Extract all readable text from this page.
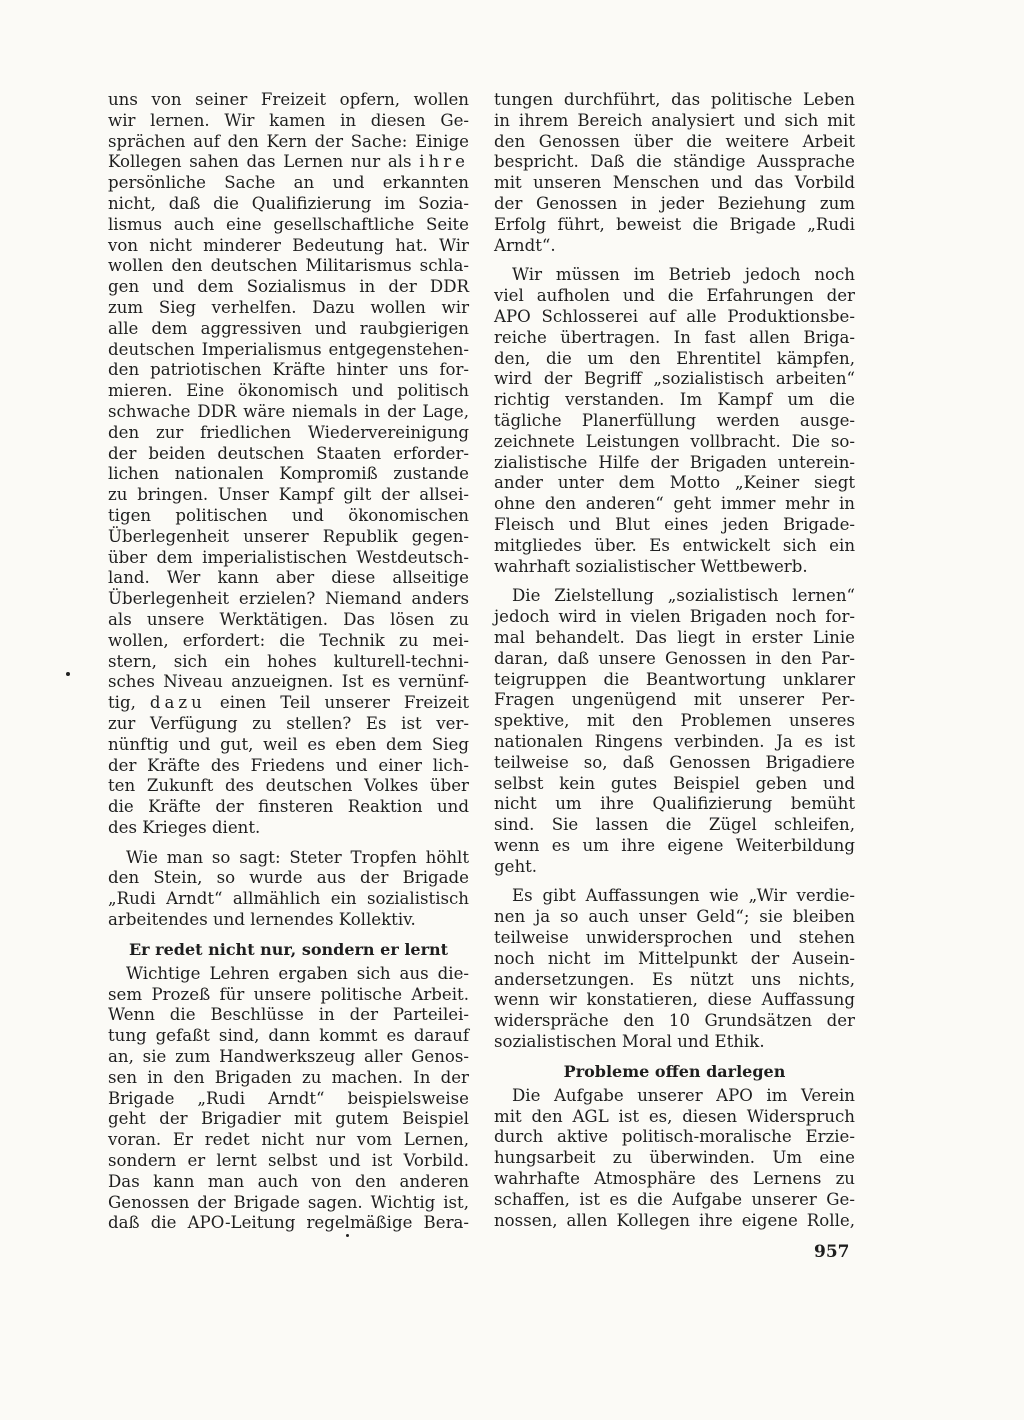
uns von seiner Freizeit opfern, wollen
wir lernen. Wir kamen in diesen Ge-
sprächen auf den Kern der Sache: Einige
Kollegen sahen das Lernen nur als ihre
persönliche Sache an und erkannten
nicht, daß die Qualifizierung im Sozia-
lismus auch eine gesellschaftliche Seite
von nicht minderer Bedeutung hat. Wir
wollen den deutschen Militarismus schla-
gen und dem Sozialismus in der DDR
zum Sieg verhelfen. Dazu wollen wir
alle dem aggressiven und raubgierigen
deutschen Imperialismus entgegenstehen-
den patriotischen Kräfte hinter uns for-
mieren. Eine ökonomisch und politisch
schwache DDR wäre niemals in der Lage,
den zur friedlichen Wiedervereinigung
der beiden deutschen Staaten erforder-
lichen nationalen Kompromiß zustande
zu bringen. Unser Kampf gilt der allsei-
tigen politischen und ökonomischen
Überlegenheit unserer Republik gegen-
über dem imperialistischen Westdeutsch-
land. Wer kann aber diese allseitige
Überlegenheit erzielen? Niemand anders
als unsere Werktätigen. Das lösen zu
wollen, erfordert: die Technik zu mei-
stern, sich ein hohes kulturell-techni-
sches Niveau anzueignen. Ist es vernünf-
tig, dazu einen Teil unserer Freizeit
zur Verfügung zu stellen? Es ist ver-
nünftig und gut, weil es eben dem Sieg
der Kräfte des Friedens und einer lich-
ten Zukunft des deutschen Volkes über
die Kräfte der finsteren Reaktion und
des Krieges dient.
Wie man so sagt: Steter Tropfen höhlt
den Stein, so wurde aus der Brigade
„Rudi Arndt“ allmählich ein sozialistisch
arbeitendes und lernendes Kollektiv.
Er redet nicht nur, sondern er lernt
Wichtige Lehren ergaben sich aus die-
sem Prozeß für unsere politische Arbeit.
Wenn die Beschlüsse in der Parteilei-
tung gefaßt sind, dann kommt es darauf
an, sie zum Handwerkszeug aller Genos-
sen in den Brigaden zu machen. In der
Brigade „Rudi Arndt“ beispielsweise
geht der Brigadier mit gutem Beispiel
voran. Er redet nicht nur vom Lernen,
sondern er lernt selbst und ist Vorbild.
Das kann man auch von den anderen
Genossen der Brigade sagen. Wichtig ist,
daß die APO-Leitung regelmäßige Bera-
tungen durchführt, das politische Leben
in ihrem Bereich analysiert und sich mit
den Genossen über die weitere Arbeit
bespricht. Daß die ständige Aussprache
mit unseren Menschen und das Vorbild
der Genossen in jeder Beziehung zum
Erfolg führt, beweist die Brigade „Rudi
Arndt“.
Wir müssen im Betrieb jedoch noch
viel aufholen und die Erfahrungen der
APO Schlosserei auf alle Produktionsbe-
reiche übertragen. In fast allen Briga-
den, die um den Ehrentitel kämpfen,
wird der Begriff „sozialistisch arbeiten“
richtig verstanden. Im Kampf um die
tägliche Planerfüllung werden ausge-
zeichnete Leistungen vollbracht. Die so-
zialistische Hilfe der Brigaden unterein-
ander unter dem Motto „Keiner siegt
ohne den anderen“ geht immer mehr in
Fleisch und Blut eines jeden Brigade-
mitgliedes über. Es entwickelt sich ein
wahrhaft sozialistischer Wettbewerb.
Die Zielstellung „sozialistisch lernen“
jedoch wird in vielen Brigaden noch for-
mal behandelt. Das liegt in erster Linie
daran, daß unsere Genossen in den Par-
teigruppen die Beantwortung unklarer
Fragen ungenügend mit unserer Per-
spektive, mit den Problemen unseres
nationalen Ringens verbinden. Ja es ist
teilweise so, daß Genossen Brigadiere
selbst kein gutes Beispiel geben und
nicht um ihre Qualifizierung bemüht
sind. Sie lassen die Zügel schleifen,
wenn es um ihre eigene Weiterbildung
geht.
Es gibt Auffassungen wie „Wir verdie-
nen ja so auch unser Geld“; sie bleiben
teilweise unwidersprochen und stehen
noch nicht im Mittelpunkt der Ausein-
andersetzungen. Es nützt uns nichts,
wenn wir konstatieren, diese Auffassung
widerspräche den 10 Grundsätzen der
sozialistischen Moral und Ethik.
Probleme offen darlegen
Die Aufgabe unserer APO im Verein
mit den AGL ist es, diesen Widerspruch
durch aktive politisch-moralische Erzie-
hungsarbeit zu überwinden. Um eine
wahrhafte Atmosphäre des Lernens zu
schaffen, ist es die Aufgabe unserer Ge-
nossen, allen Kollegen ihre eigene Rolle,
957
